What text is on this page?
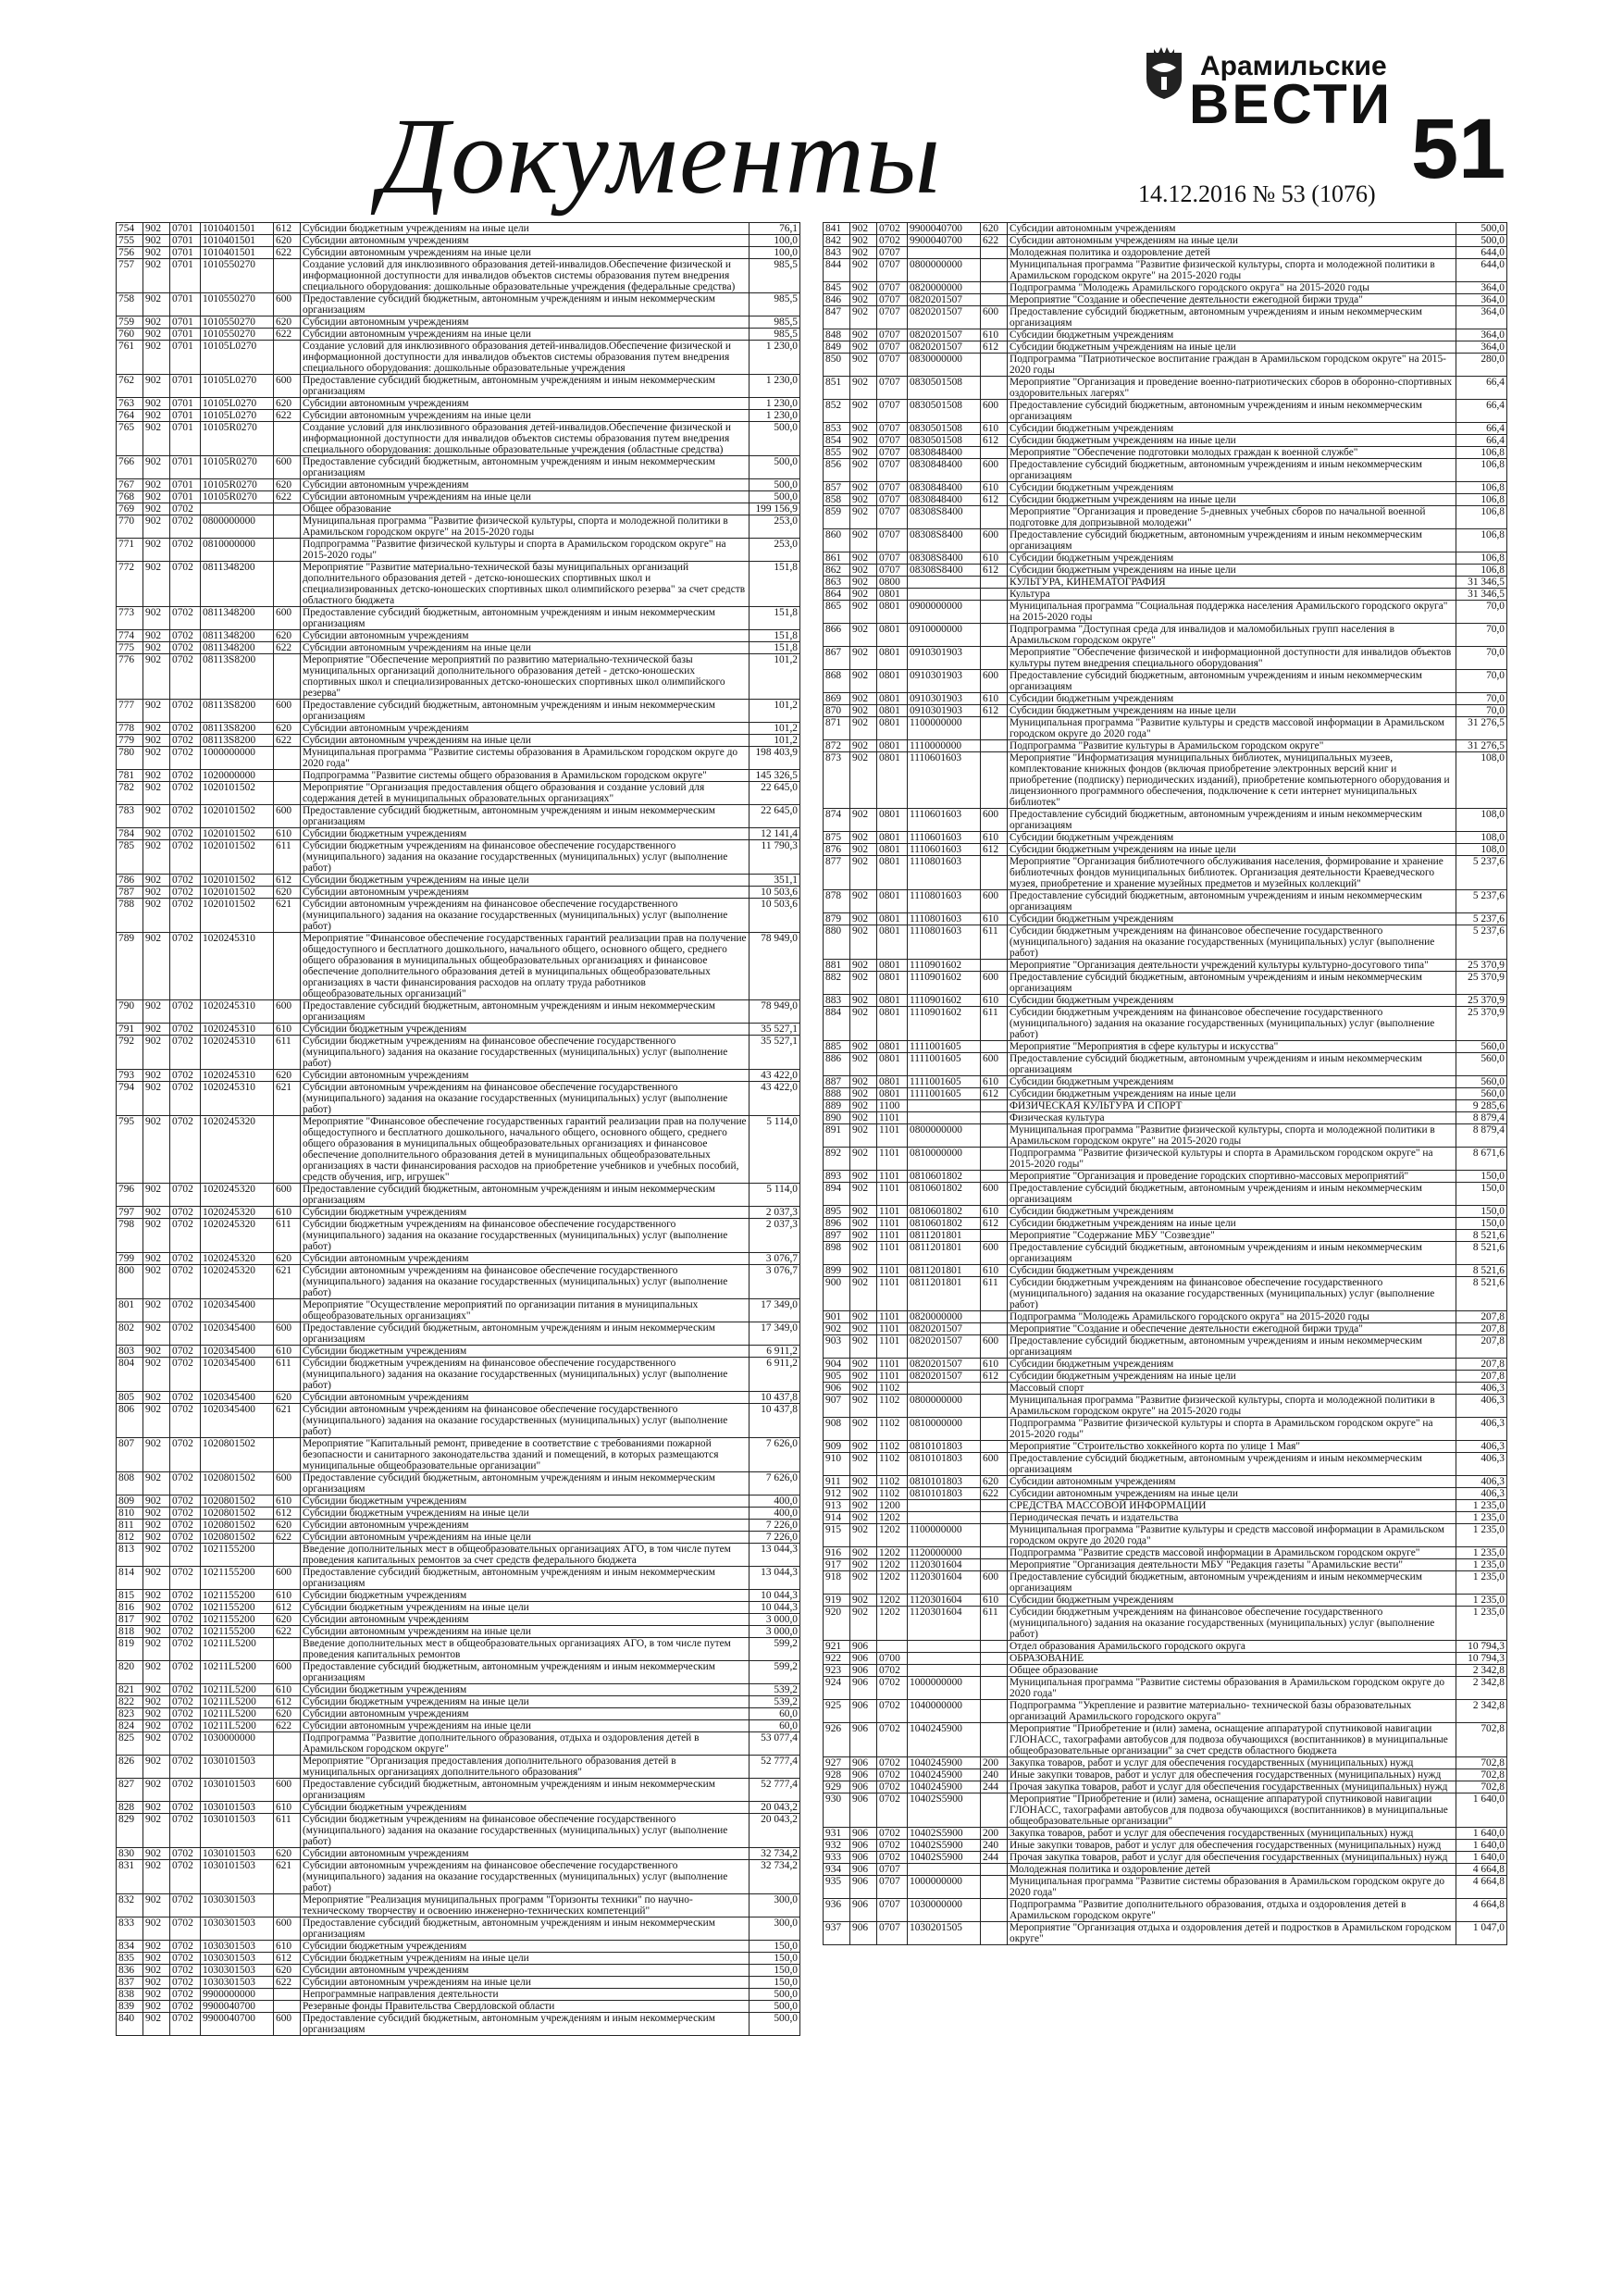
Документы
Арамильские
ВЕСТИ 51
14.12.2016 № 53 (1076)
754	902	0701	1010401501	612	Субсидии бюджетным учреждениям на иные цели	76,1
755	902	0701	1010401501	620	Субсидии автономным учреждениям	100,0
756	902	0701	1010401501	622	Субсидии автономным учреждениям на иные цели	100,0
757	902	0701	1010550270		Создание условий для инклюзивного образования детей-инвалидов.Обеспечение физической и информационной доступности для инвалидов объектов системы образования путем внедрения специального оборудования: дошкольные образовательные учреждения (федеральные средства)	985,5
758	902	0701	1010550270	600	Предоставление субсидий бюджетным, автономным учреждениям и иным некоммерческим организациям	985,5
759	902	0701	1010550270	620	Субсидии автономным учреждениям	985,5
760	902	0701	1010550270	622	Субсидии автономным учреждениям на иные цели	985,5
761	902	0701	10105L0270		Создание условий для инклюзивного образования детей-инвалидов.Обеспечение физической и информационной доступности для инвалидов объектов системы образования путем внедрения специального оборудования: дошкольные образовательные учреждения	1 230,0
762	902	0701	10105L0270	600	Предоставление субсидий бюджетным, автономным учреждениям и иным некоммерческим организациям	1 230,0
763	902	0701	10105L0270	620	Субсидии автономным учреждениям	1 230,0
764	902	0701	10105L0270	622	Субсидии автономным учреждениям на иные цели	1 230,0
765	902	0701	10105R0270		Создание условий для инклюзивного образования детей-инвалидов.Обеспечение физической и информационной доступности для инвалидов объектов системы образования путем внедрения специального оборудования: дошкольные образовательные учреждения (областные средства)	500,0
766	902	0701	10105R0270	600	Предоставление субсидий бюджетным, автономным учреждениям и иным некоммерческим организациям	500,0
767	902	0701	10105R0270	620	Субсидии автономным учреждениям	500,0
768	902	0701	10105R0270	622	Субсидии автономным учреждениям на иные цели	500,0
769	902	0702			Общее образование	199 156,9
770	902	0702	0800000000		Муниципальная программа "Развитие физической культуры, спорта и молодежной политики в Арамильском городском округе" на 2015-2020 годы	253,0
771	902	0702	0810000000		Подпрограмма "Развитие физической культуры и спорта в Арамильском городском округе" на 2015-2020 годы"	253,0
772	902	0702	0811348200		Мероприятие "Развитие материально-технической базы муниципальных организаций дополнительного образования детей - детско-юношеских спортивных школ и специализированных детско-юношеских спортивных школ олимпийского резерва" за счет средств областного бюджета	151,8
773	902	0702	0811348200	600	Предоставление субсидий бюджетным, автономным учреждениям и иным некоммерческим организациям	151,8
774	902	0702	0811348200	620	Субсидии автономным учреждениям	151,8
775	902	0702	0811348200	622	Субсидии автономным учреждениям на иные цели	151,8
776	902	0702	08113S8200		Мероприятие "Обеспечение мероприятий по развитию материально-технической базы муниципальных организаций дополнительного образования детей - детско-юношеских спортивных школ и специализированных детско-юношеских спортивных школ олимпийского резерва"	101,2
777	902	0702	08113S8200	600	Предоставление субсидий бюджетным, автономным учреждениям и иным некоммерческим организациям	101,2
778	902	0702	08113S8200	620	Субсидии автономным учреждениям	101,2
779	902	0702	08113S8200	622	Субсидии автономным учреждениям на иные цели	101,2
780	902	0702	1000000000		Муниципальная программа "Развитие системы образования в Арамильском городском округе до 2020 года"	198 403,9
781	902	0702	1020000000		Подпрограмма "Развитие системы общего образования в Арамильском городском округе"	145 326,5
782	902	0702	1020101502		Мероприятие "Организация предоставления общего образования и создание условий для содержания детей в муниципальных образовательных организациях"	22 645,0
783	902	0702	1020101502	600	Предоставление субсидий бюджетным, автономным учреждениям и иным некоммерческим организациям	22 645,0
784	902	0702	1020101502	610	Субсидии бюджетным учреждениям	12 141,4
785	902	0702	1020101502	611	Субсидии бюджетным учреждениям на финансовое обеспечение государственного (муниципального) задания на оказание государственных (муниципальных) услуг (выполнение работ)	11 790,3
786	902	0702	1020101502	612	Субсидии бюджетным учреждениям на иные цели	351,1
787	902	0702	1020101502	620	Субсидии автономным учреждениям	10 503,6
788	902	0702	1020101502	621	Субсидии автономным учреждениям на финансовое обеспечение государственного (муниципального) задания на оказание государственных (муниципальных) услуг (выполнение работ)	10 503,6
789	902	0702	1020245310		Мероприятие "Финансовое обеспечение государственных гарантий реализации прав на получение общедоступного и бесплатного дошкольного, начального общего, основного общего, среднего общего образования в муниципальных общеобразовательных организациях и финансовое обеспечение дополнительного образования детей в муниципальных общеобразовательных организациях в части финансирования расходов на оплату труда работников общеобразовательных организаций"	78 949,0
790	902	0702	1020245310	600	Предоставление субсидий бюджетным, автономным учреждениям и иным некоммерческим организациям	78 949,0
791	902	0702	1020245310	610	Субсидии бюджетным учреждениям	35 527,1
792	902	0702	1020245310	611	Субсидии бюджетным учреждениям на финансовое обеспечение государственного (муниципального) задания на оказание государственных (муниципальных) услуг (выполнение работ)	35 527,1
793	902	0702	1020245310	620	Субсидии автономным учреждениям	43 422,0
794	902	0702	1020245310	621	Субсидии автономным учреждениям на финансовое обеспечение государственного (муниципального) задания на оказание государственных (муниципальных) услуг (выполнение работ)	43 422,0
795	902	0702	1020245320		Мероприятие "Финансовое обеспечение государственных гарантий реализации прав на получение общедоступного и бесплатного дошкольного, начального общего, основного общего, среднего общего образования в муниципальных общеобразовательных организациях и финансовое обеспечение дополнительного образования детей в муниципальных общеобразовательных организациях в части финансирования расходов на приобретение учебников и учебных пособий, средств обучения, игр, игрушек"	5 114,0
796	902	0702	1020245320	600	Предоставление субсидий бюджетным, автономным учреждениям и иным некоммерческим организациям	5 114,0
797	902	0702	1020245320	610	Субсидии бюджетным учреждениям	2 037,3
798	902	0702	1020245320	611	Субсидии бюджетным учреждениям на финансовое обеспечение государственного (муниципального) задания на оказание государственных (муниципальных) услуг (выполнение работ)	2 037,3
799	902	0702	1020245320	620	Субсидии автономным учреждениям	3 076,7
800	902	0702	1020245320	621	Субсидии автономным учреждениям на финансовое обеспечение государственного (муниципального) задания на оказание государственных (муниципальных) услуг (выполнение работ)	3 076,7
801	902	0702	1020345400		Мероприятие "Осуществление мероприятий по организации питания в муниципальных общеобразовательных организациях"	17 349,0
802	902	0702	1020345400	600	Предоставление субсидий бюджетным, автономным учреждениям и иным некоммерческим организациям	17 349,0
803	902	0702	1020345400	610	Субсидии бюджетным учреждениям	6 911,2
804	902	0702	1020345400	611	Субсидии бюджетным учреждениям на финансовое обеспечение государственного (муниципального) задания на оказание государственных (муниципальных) услуг (выполнение работ)	6 911,2
805	902	0702	1020345400	620	Субсидии автономным учреждениям	10 437,8
806	902	0702	1020345400	621	Субсидии автономным учреждениям на финансовое обеспечение государственного (муниципального) задания на оказание государственных (муниципальных) услуг (выполнение работ)	10 437,8
807	902	0702	1020801502		Мероприятие "Капитальный ремонт, приведение в соответствие с требованиями пожарной безопасности и санитарного законодательства зданий и помещений, в которых размещаются муниципальные общеобразовательные организации"	7 626,0
808	902	0702	1020801502	600	Предоставление субсидий бюджетным, автономным учреждениям и иным некоммерческим организациям	7 626,0
809	902	0702	1020801502	610	Субсидии бюджетным учреждениям	400,0
810	902	0702	1020801502	612	Субсидии бюджетным учреждениям на иные цели	400,0
811	902	0702	1020801502	620	Субсидии автономным учреждениям	7 226,0
812	902	0702	1020801502	622	Субсидии автономным учреждениям на иные цели	7 226,0
813	902	0702	1021155200		Введение дополнительных мест в общеобразовательных организациях АГО, в том числе путем проведения капитальных ремонтов за счет средств федерального бюджета	13 044,3
814	902	0702	1021155200	600	Предоставление субсидий бюджетным, автономным учреждениям и иным некоммерческим организациям	13 044,3
815	902	0702	1021155200	610	Субсидии бюджетным учреждениям	10 044,3
816	902	0702	1021155200	612	Субсидии бюджетным учреждениям на иные цели	10 044,3
817	902	0702	1021155200	620	Субсидии автономным учреждениям	3 000,0
818	902	0702	1021155200	622	Субсидии автономным учреждениям на иные цели	3 000,0
819	902	0702	10211L5200		Введение дополнительных мест в общеобразовательных организациях АГО, в том числе путем проведения капитальных ремонтов	599,2
820	902	0702	10211L5200	600	Предоставление субсидий бюджетным, автономным учреждениям и иным некоммерческим организациям	599,2
821	902	0702	10211L5200	610	Субсидии бюджетным учреждениям	539,2
822	902	0702	10211L5200	612	Субсидии бюджетным учреждениям на иные цели	539,2
823	902	0702	10211L5200	620	Субсидии автономным учреждениям	60,0
824	902	0702	10211L5200	622	Субсидии автономным учреждениям на иные цели	60,0
825	902	0702	1030000000		Подпрограмма "Развитие дополнительного образования, отдыха и оздоровления детей в Арамильском городском округе"	53 077,4
826	902	0702	1030101503		Мероприятие "Организация предоставления дополнительного образования детей в муниципальных организациях дополнительного образования"	52 777,4
827	902	0702	1030101503	600	Предоставление субсидий бюджетным, автономным учреждениям и иным некоммерческим организациям	52 777,4
828	902	0702	1030101503	610	Субсидии бюджетным учреждениям	20 043,2
829	902	0702	1030101503	611	Субсидии бюджетным учреждениям на финансовое обеспечение государственного (муниципального) задания на оказание государственных (муниципальных) услуг (выполнение работ)	20 043,2
830	902	0702	1030101503	620	Субсидии автономным учреждениям	32 734,2
831	902	0702	1030101503	621	Субсидии автономным учреждениям на финансовое обеспечение государственного (муниципального) задания на оказание государственных (муниципальных) услуг (выполнение работ)	32 734,2
832	902	0702	1030301503		Мероприятие "Реализация муниципальных программ "Горизонты техники" по научно-техническому творчеству и освоению инженерно-технических компетенций"	300,0
833	902	0702	1030301503	600	Предоставление субсидий бюджетным, автономным учреждениям и иным некоммерческим организациям	300,0
834	902	0702	1030301503	610	Субсидии бюджетным учреждениям	150,0
835	902	0702	1030301503	612	Субсидии бюджетным учреждениям на иные цели	150,0
836	902	0702	1030301503	620	Субсидии автономным учреждениям	150,0
837	902	0702	1030301503	622	Субсидии автономным учреждениям на иные цели	150,0
838	902	0702	9900000000		Непрограммные направления деятельности	500,0
839	902	0702	9900040700		Резервные фонды Правительства Свердловской области	500,0
840	902	0702	9900040700	600	Предоставление субсидий бюджетным, автономным учреждениям и иным некоммерческим организациям	500,0
841	902	0702	9900040700	620	Субсидии автономным учреждениям	500,0
842	902	0702	9900040700	622	Субсидии автономным учреждениям на иные цели	500,0
843	902	0707			Молодежная политика и оздоровление детей	644,0
844	902	0707	0800000000		Муниципальная программа "Развитие физической культуры, спорта и молодежной политики в Арамильском городском округе" на 2015-2020 годы	644,0
845	902	0707	0820000000		Подпрограмма "Молодежь Арамильского городского округа" на 2015-2020 годы	364,0
846	902	0707	0820201507		Мероприятие "Создание и обеспечение деятельности ежегодной биржи труда"	364,0
847	902	0707	0820201507	600	Предоставление субсидий бюджетным, автономным учреждениям и иным некоммерческим организациям	364,0
848	902	0707	0820201507	610	Субсидии бюджетным учреждениям	364,0
849	902	0707	0820201507	612	Субсидии бюджетным учреждениям на иные цели	364,0
850	902	0707	0830000000		Подпрограмма "Патриотическое воспитание граждан в Арамильском городском округе" на 2015-2020 годы	280,0
851	902	0707	0830501508		Мероприятие "Организация и проведение военно-патриотических сборов в оборонно-спортивных оздоровительных лагерях"	66,4
852	902	0707	0830501508	600	Предоставление субсидий бюджетным, автономным учреждениям и иным некоммерческим организациям	66,4
853	902	0707	0830501508	610	Субсидии бюджетным учреждениям	66,4
854	902	0707	0830501508	612	Субсидии бюджетным учреждениям на иные цели	66,4
855	902	0707	0830848400		Мероприятие "Обеспечение подготовки молодых граждан к военной службе"	106,8
856	902	0707	0830848400	600	Предоставление субсидий бюджетным, автономным учреждениям и иным некоммерческим организациям	106,8
857	902	0707	0830848400	610	Субсидии бюджетным учреждениям	106,8
858	902	0707	0830848400	612	Субсидии бюджетным учреждениям на иные цели	106,8
859	902	0707	08308S8400		Мероприятие "Организация и проведение 5-дневных учебных сборов по начальной военной подготовке для допризывной молодежи"	106,8
860	902	0707	08308S8400	600	Предоставление субсидий бюджетным, автономным учреждениям и иным некоммерческим организациям	106,8
861	902	0707	08308S8400	610	Субсидии бюджетным учреждениям	106,8
862	902	0707	08308S8400	612	Субсидии бюджетным учреждениям на иные цели	106,8
863	902	0800			КУЛЬТУРА, КИНЕМАТОГРАФИЯ	31 346,5
864	902	0801			Культура	31 346,5
865	902	0801	0900000000		Муниципальная программа "Социальная поддержка населения Арамильского городского округа" на 2015-2020 годы	70,0
866	902	0801	0910000000		Подпрограмма "Доступная среда для инвалидов и маломобильных групп населения в Арамильском городском округе"	70,0
867	902	0801	0910301903		Мероприятие "Обеспечение физической и информационной доступности для инвалидов объектов культуры путем внедрения специального оборудования"	70,0
868	902	0801	0910301903	600	Предоставление субсидий бюджетным, автономным учреждениям и иным некоммерческим организациям	70,0
869	902	0801	0910301903	610	Субсидии бюджетным учреждениям	70,0
870	902	0801	0910301903	612	Субсидии бюджетным учреждениям на иные цели	70,0
871	902	0801	1100000000		Муниципальная программа "Развитие культуры и средств массовой информации в Арамильском городском округе до 2020 года"	31 276,5
872	902	0801	1110000000		Подпрограмма "Развитие культуры в Арамильском городском округе"	31 276,5
873	902	0801	1110601603		Мероприятие "Информатизация муниципальных библиотек, муниципальных музеев, комплектование книжных фондов (включая приобретение электронных версий книг и приобретение (подписку) периодических изданий), приобретение компьютерного оборудования и лицензионного программного обеспечения, подключение к сети интернет муниципальных библиотек"	108,0
874	902	0801	1110601603	600	Предоставление субсидий бюджетным, автономным учреждениям и иным некоммерческим организациям	108,0
875	902	0801	1110601603	610	Субсидии бюджетным учреждениям	108,0
876	902	0801	1110601603	612	Субсидии бюджетным учреждениям на иные цели	108,0
877	902	0801	1110801603		Мероприятие "Организация библиотечного обслуживания населения, формирование и хранение библиотечных фондов муниципальных библиотек. Организация деятельности Краеведческого музея, приобретение и хранение музейных предметов и музейных коллекций"	5 237,6
878	902	0801	1110801603	600	Предоставление субсидий бюджетным, автономным учреждениям и иным некоммерческим организациям	5 237,6
879	902	0801	1110801603	610	Субсидии бюджетным учреждениям	5 237,6
880	902	0801	1110801603	611	Субсидии бюджетным учреждениям на финансовое обеспечение государственного (муниципального) задания на оказание государственных (муниципальных) услуг (выполнение работ)	5 237,6
881	902	0801	1110901602		Мероприятие "Организация деятельности учреждений культуры культурно-досугового типа"	25 370,9
882	902	0801	1110901602	600	Предоставление субсидий бюджетным, автономным учреждениям и иным некоммерческим организациям	25 370,9
883	902	0801	1110901602	610	Субсидии бюджетным учреждениям	25 370,9
884	902	0801	1110901602	611	Субсидии бюджетным учреждениям на финансовое обеспечение государственного (муниципального) задания на оказание государственных (муниципальных) услуг (выполнение работ)	25 370,9
885	902	0801	1111001605		Мероприятие "Мероприятия в сфере культуры и искусства"	560,0
886	902	0801	1111001605	600	Предоставление субсидий бюджетным, автономным учреждениям и иным некоммерческим организациям	560,0
887	902	0801	1111001605	610	Субсидии бюджетным учреждениям	560,0
888	902	0801	1111001605	612	Субсидии бюджетным учреждениям на иные цели	560,0
889	902	1100			ФИЗИЧЕСКАЯ КУЛЬТУРА И СПОРТ	9 285,6
890	902	1101			Физическая культура	8 879,4
891	902	1101	0800000000		Муниципальная программа "Развитие физической культуры, спорта и молодежной политики в Арамильском городском округе" на 2015-2020 годы	8 879,4
892	902	1101	0810000000		Подпрограмма "Развитие физической культуры и спорта в Арамильском городском округе" на 2015-2020 годы"	8 671,6
893	902	1101	0810601802		Мероприятие "Организация и проведение городских спортивно-массовых мероприятий"	150,0
894	902	1101	0810601802	600	Предоставление субсидий бюджетным, автономным учреждениям и иным некоммерческим организациям	150,0
895	902	1101	0810601802	610	Субсидии бюджетным учреждениям	150,0
896	902	1101	0810601802	612	Субсидии бюджетным учреждениям на иные цели	150,0
897	902	1101	0811201801		Мероприятие "Содержание МБУ "Созвездие"	8 521,6
898	902	1101	0811201801	600	Предоставление субсидий бюджетным, автономным учреждениям и иным некоммерческим организациям	8 521,6
899	902	1101	0811201801	610	Субсидии бюджетным учреждениям	8 521,6
900	902	1101	0811201801	611	Субсидии бюджетным учреждениям на финансовое обеспечение государственного (муниципального) задания на оказание государственных (муниципальных) услуг (выполнение работ)	8 521,6
901	902	1101	0820000000		Подпрограмма "Молодежь Арамильского городского округа" на 2015-2020 годы	207,8
902	902	1101	0820201507		Мероприятие "Создание и обеспечение деятельности ежегодной биржи труда"	207,8
903	902	1101	0820201507	600	Предоставление субсидий бюджетным, автономным учреждениям и иным некоммерческим организациям	207,8
904	902	1101	0820201507	610	Субсидии бюджетным учреждениям	207,8
905	902	1101	0820201507	612	Субсидии бюджетным учреждениям на иные цели	207,8
906	902	1102			Массовый спорт	406,3
907	902	1102	0800000000		Муниципальная программа "Развитие физической культуры, спорта и молодежной политики в Арамильском городском округе" на 2015-2020 годы	406,3
908	902	1102	0810000000		Подпрограмма "Развитие физической культуры и спорта в Арамильском городском округе" на 2015-2020 годы"	406,3
909	902	1102	0810101803		Мероприятие "Строительство хоккейного корта по улице 1 Мая"	406,3
910	902	1102	0810101803	600	Предоставление субсидий бюджетным, автономным учреждениям и иным некоммерческим организациям	406,3
911	902	1102	0810101803	620	Субсидии автономным учреждениям	406,3
912	902	1102	0810101803	622	Субсидии автономным учреждениям на иные цели	406,3
913	902	1200			СРЕДСТВА МАССОВОЙ ИНФОРМАЦИИ	1 235,0
914	902	1202			Периодическая печать и издательства	1 235,0
915	902	1202	1100000000		Муниципальная программа "Развитие культуры и средств массовой информации в Арамильском городском округе до 2020 года"	1 235,0
916	902	1202	1120000000		Подпрограмма "Развитие средств массовой информации в Арамильском городском округе"	1 235,0
917	902	1202	1120301604		Мероприятие "Организация деятельности МБУ "Редакция газеты "Арамильские вести"	1 235,0
918	902	1202	1120301604	600	Предоставление субсидий бюджетным, автономным учреждениям и иным некоммерческим организациям	1 235,0
919	902	1202	1120301604	610	Субсидии бюджетным учреждениям	1 235,0
920	902	1202	1120301604	611	Субсидии бюджетным учреждениям на финансовое обеспечение государственного (муниципального) задания на оказание государственных (муниципальных) услуг (выполнение работ)	1 235,0
921	906				Отдел образования Арамильского городского округа	10 794,3
922	906	0700			ОБРАЗОВАНИЕ	10 794,3
923	906	0702			Общее образование	2 342,8
924	906	0702	1000000000		Муниципальная программа "Развитие системы образования в Арамильском городском округе до 2020 года"	2 342,8
925	906	0702	1040000000		Подпрограмма "Укрепление и развитие материально- технической базы образовательных организаций Арамильского городского округа"	2 342,8
926	906	0702	1040245900		Мероприятие "Приобретение и (или) замена, оснащение аппаратурой спутниковой навигации ГЛОНАСС, тахографами автобусов для подвоза обучающихся (воспитанников) в муниципальные общеобразовательные организации" за счет средств областного бюджета	702,8
927	906	0702	1040245900	200	Закупка товаров, работ и услуг для обеспечения государственных (муниципальных) нужд	702,8
928	906	0702	1040245900	240	Иные закупки товаров, работ и услуг для обеспечения государственных (муниципальных) нужд	702,8
929	906	0702	1040245900	244	Прочая закупка товаров, работ и услуг для обеспечения государственных (муниципальных) нужд	702,8
930	906	0702	10402S5900		Мероприятие "Приобретение и (или) замена, оснащение аппаратурой спутниковой навигации ГЛОНАСС, тахографами автобусов для подвоза обучающихся (воспитанников) в муниципальные общеобразовательные организации"	1 640,0
931	906	0702	10402S5900	200	Закупка товаров, работ и услуг для обеспечения государственных (муниципальных) нужд	1 640,0
932	906	0702	10402S5900	240	Иные закупки товаров, работ и услуг для обеспечения государственных (муниципальных) нужд	1 640,0
933	906	0702	10402S5900	244	Прочая закупка товаров, работ и услуг для обеспечения государственных (муниципальных) нужд	1 640,0
934	906	0707			Молодежная политика и оздоровление детей	4 664,8
935	906	0707	1000000000		Муниципальная программа "Развитие системы образования в Арамильском городском округе до 2020 года"	4 664,8
936	906	0707	1030000000		Подпрограмма "Развитие дополнительного образования, отдыха и оздоровления детей в Арамильском городском округе"	4 664,8
937	906	0707	1030201505		Мероприятие "Организация отдыха и оздоровления детей и подростков в Арамильском городском округе"	1 047,0
